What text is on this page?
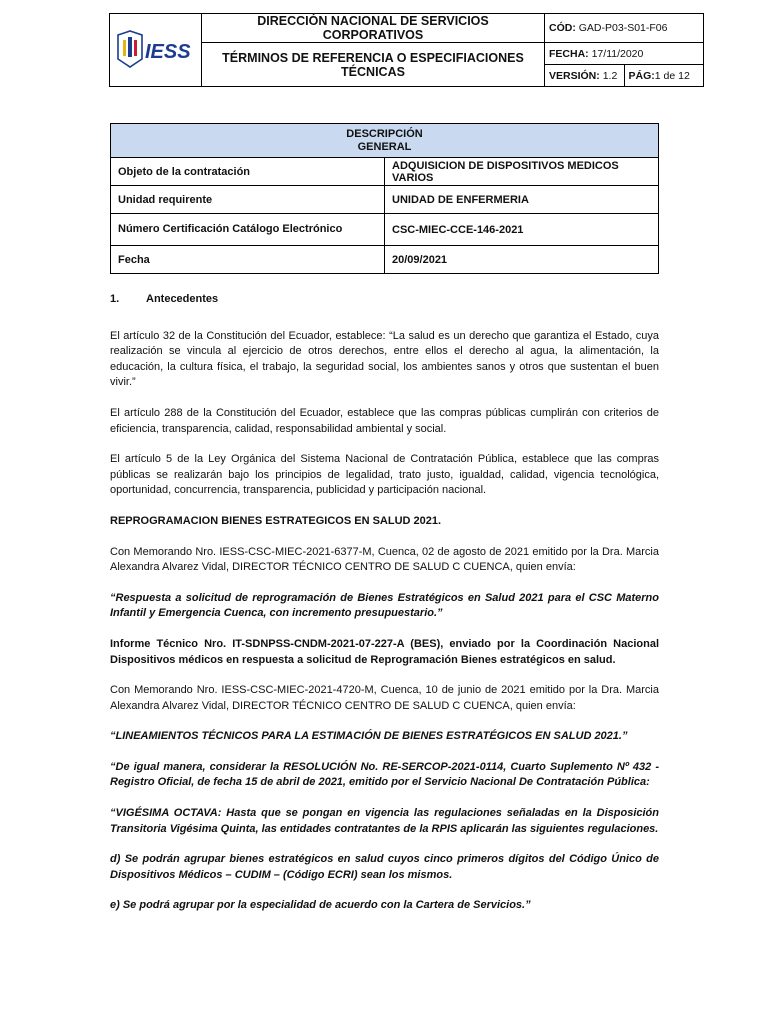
IESS	DIRECCIÓN NACIONAL DE SERVICIOS CORPORATIVOS	CÓD: GAD-P03-S01-F06	
	TÉRMINOS DE REFERENCIA O ESPECIFIACIONES TÉCNICAS	FECHA: 17/11/2020	
		VERSIÓN: 1.2	PÁG:1 de 12
DESCRIPCIÓN
GENERAL	
Objeto de la contratación	ADQUISICION DE DISPOSITIVOS MEDICOS VARIOS
Unidad requirente	UNIDAD DE ENFERMERIA
Número Certificación Catálogo Electrónico	CSC-MIEC-CCE-146-2021
Fecha	20/09/2021

1. Antecedentes

El artículo 32 de la Constitución del Ecuador, establece: “La salud es un derecho que garantiza el Estado, cuya realización se vincula al ejercicio de otros derechos, entre ellos el derecho al agua, la alimentación, la educación, la cultura física, el trabajo, la seguridad social, los ambientes sanos y otros que sustentan el buen vivir.”

El artículo 288 de la Constitución del Ecuador, establece que las compras públicas cumplirán con criterios de eficiencia, transparencia, calidad, responsabilidad ambiental y social.

El artículo 5 de la Ley Orgánica del Sistema Nacional de Contratación Pública, establece que las compras públicas se realizarán bajo los principios de legalidad, trato justo, igualdad, calidad, vigencia tecnológica, oportunidad, concurrencia, transparencia, publicidad y participación nacional.

REPROGRAMACION BIENES ESTRATEGICOS EN SALUD 2021.

Con Memorando Nro. IESS-CSC-MIEC-2021-6377-M, Cuenca, 02 de agosto de 2021 emitido por la Dra. Marcia Alexandra Alvarez Vidal, DIRECTOR TÉCNICO CENTRO DE SALUD C CUENCA, quien envía:

“Respuesta a solicitud de reprogramación de Bienes Estratégicos en Salud 2021 para el CSC Materno Infantil y Emergencia Cuenca, con incremento presupuestario.”

Informe Técnico Nro. IT-SDNPSS-CNDM-2021-07-227-A (BES), enviado por la Coordinación Nacional Dispositivos médicos en respuesta a solicitud de Reprogramación Bienes estratégicos en salud.

Con Memorando Nro. IESS-CSC-MIEC-2021-4720-M, Cuenca, 10 de junio de 2021 emitido por la Dra. Marcia Alexandra Alvarez Vidal, DIRECTOR TÉCNICO CENTRO DE SALUD C CUENCA, quien envía:

“LINEAMIENTOS TÉCNICOS PARA LA ESTIMACIÓN DE BIENES ESTRATÉGICOS EN SALUD 2021.”

“De igual manera, considerar la RESOLUCIÓN No. RE-SERCOP-2021-0114, Cuarto Suplemento Nº 432 - Registro Oficial, de fecha 15 de abril de 2021, emitido por el Servicio Nacional De Contratación Pública:

“VIGÉSIMA OCTAVA: Hasta que se pongan en vigencia las regulaciones señaladas en la Disposición Transitoria Vigésima Quinta, las entidades contratantes de la RPIS aplicarán las siguientes regulaciones.

d) Se podrán agrupar bienes estratégicos en salud cuyos cinco primeros dígitos del Código Único de Dispositivos Médicos – CUDIM – (Código ECRI) sean los mismos.

e) Se podrá agrupar por la especialidad de acuerdo con la Cartera de Servicios.”
